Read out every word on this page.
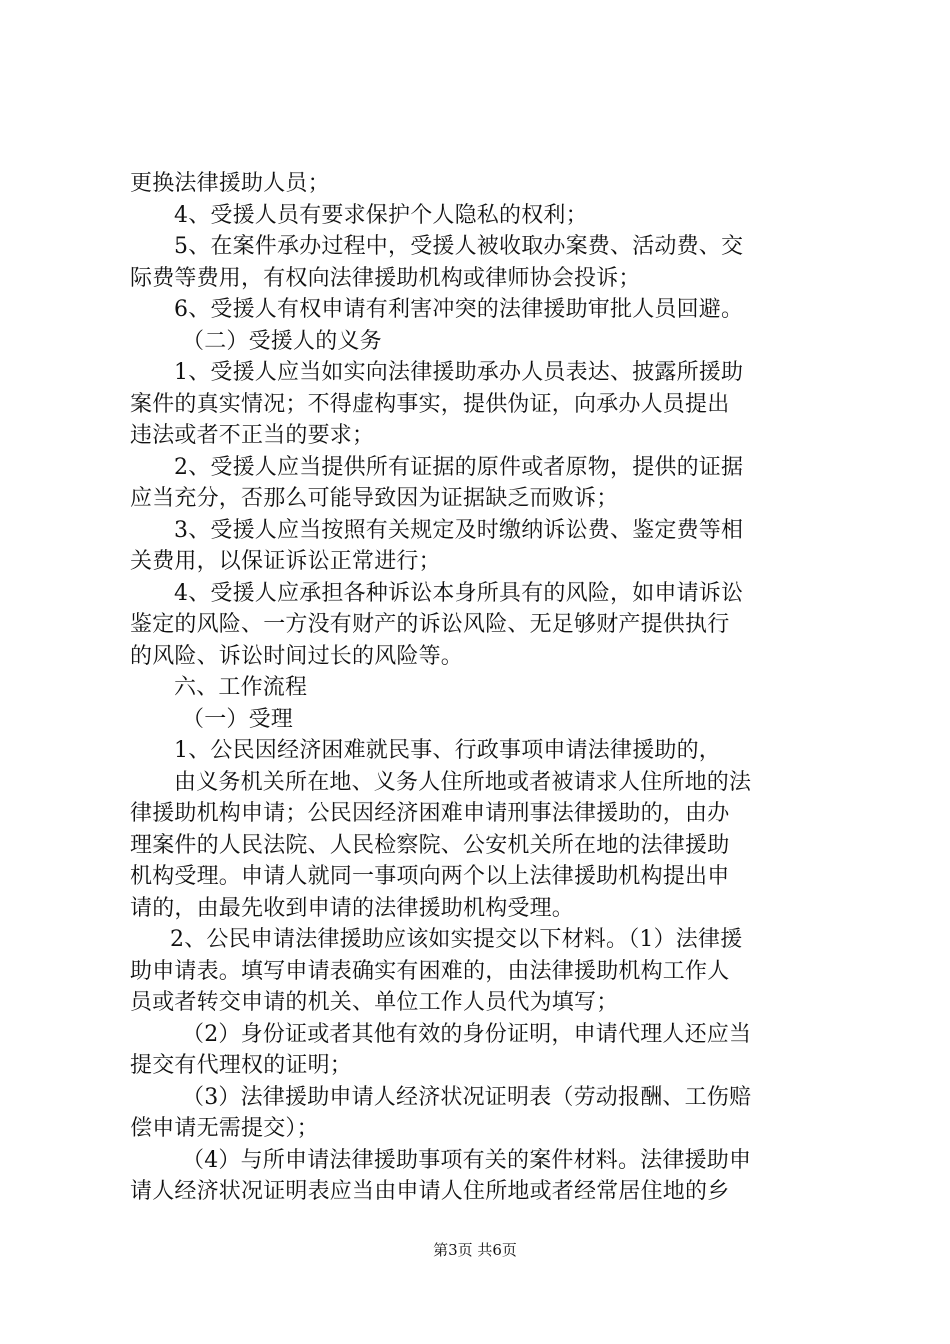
更换法律援助人员；
4、受援人员有要求保护个人隐私的权利；
5、在案件承办过程中，受援人被收取办案费、活动费、交
际费等费用，有权向法律援助机构或律师协会投诉；
6、受援人有权申请有利害冲突的法律援助审批人员回避。
（二）受援人的义务
1、受援人应当如实向法律援助承办人员表达、披露所援助
案件的真实情况；不得虚构事实，提供伪证，向承办人员提出
违法或者不正当的要求；
2、受援人应当提供所有证据的原件或者原物，提供的证据
应当充分，否那么可能导致因为证据缺乏而败诉；
3、受援人应当按照有关规定及时缴纳诉讼费、鉴定费等相
关费用，以保证诉讼正常进行；
4、受援人应承担各种诉讼本身所具有的风险，如申请诉讼
鉴定的风险、一方没有财产的诉讼风险、无足够财产提供执行
的风险、诉讼时间过长的风险等。
六、工作流程
（一）受理
1、公民因经济困难就民事、行政事项申请法律援助的，
由义务机关所在地、义务人住所地或者被请求人住所地的法
律援助机构申请；公民因经济困难申请刑事法律援助的，由办
理案件的人民法院、人民检察院、公安机关所在地的法律援助
机构受理。申请人就同一事项向两个以上法律援助机构提出申
请的，由最先收到申请的法律援助机构受理。
2、公民申请法律援助应该如实提交以下材料。（1）法律援
助申请表。填写申请表确实有困难的，由法律援助机构工作人
员或者转交申请的机关、单位工作人员代为填写；
（2）身份证或者其他有效的身份证明，申请代理人还应当
提交有代理权的证明；
（3）法律援助申请人经济状况证明表（劳动报酬、工伤赔
偿申请无需提交）；
（4）与所申请法律援助事项有关的案件材料。法律援助申
请人经济状况证明表应当由申请人住所地或者经常居住地的乡
第3页 共6页
